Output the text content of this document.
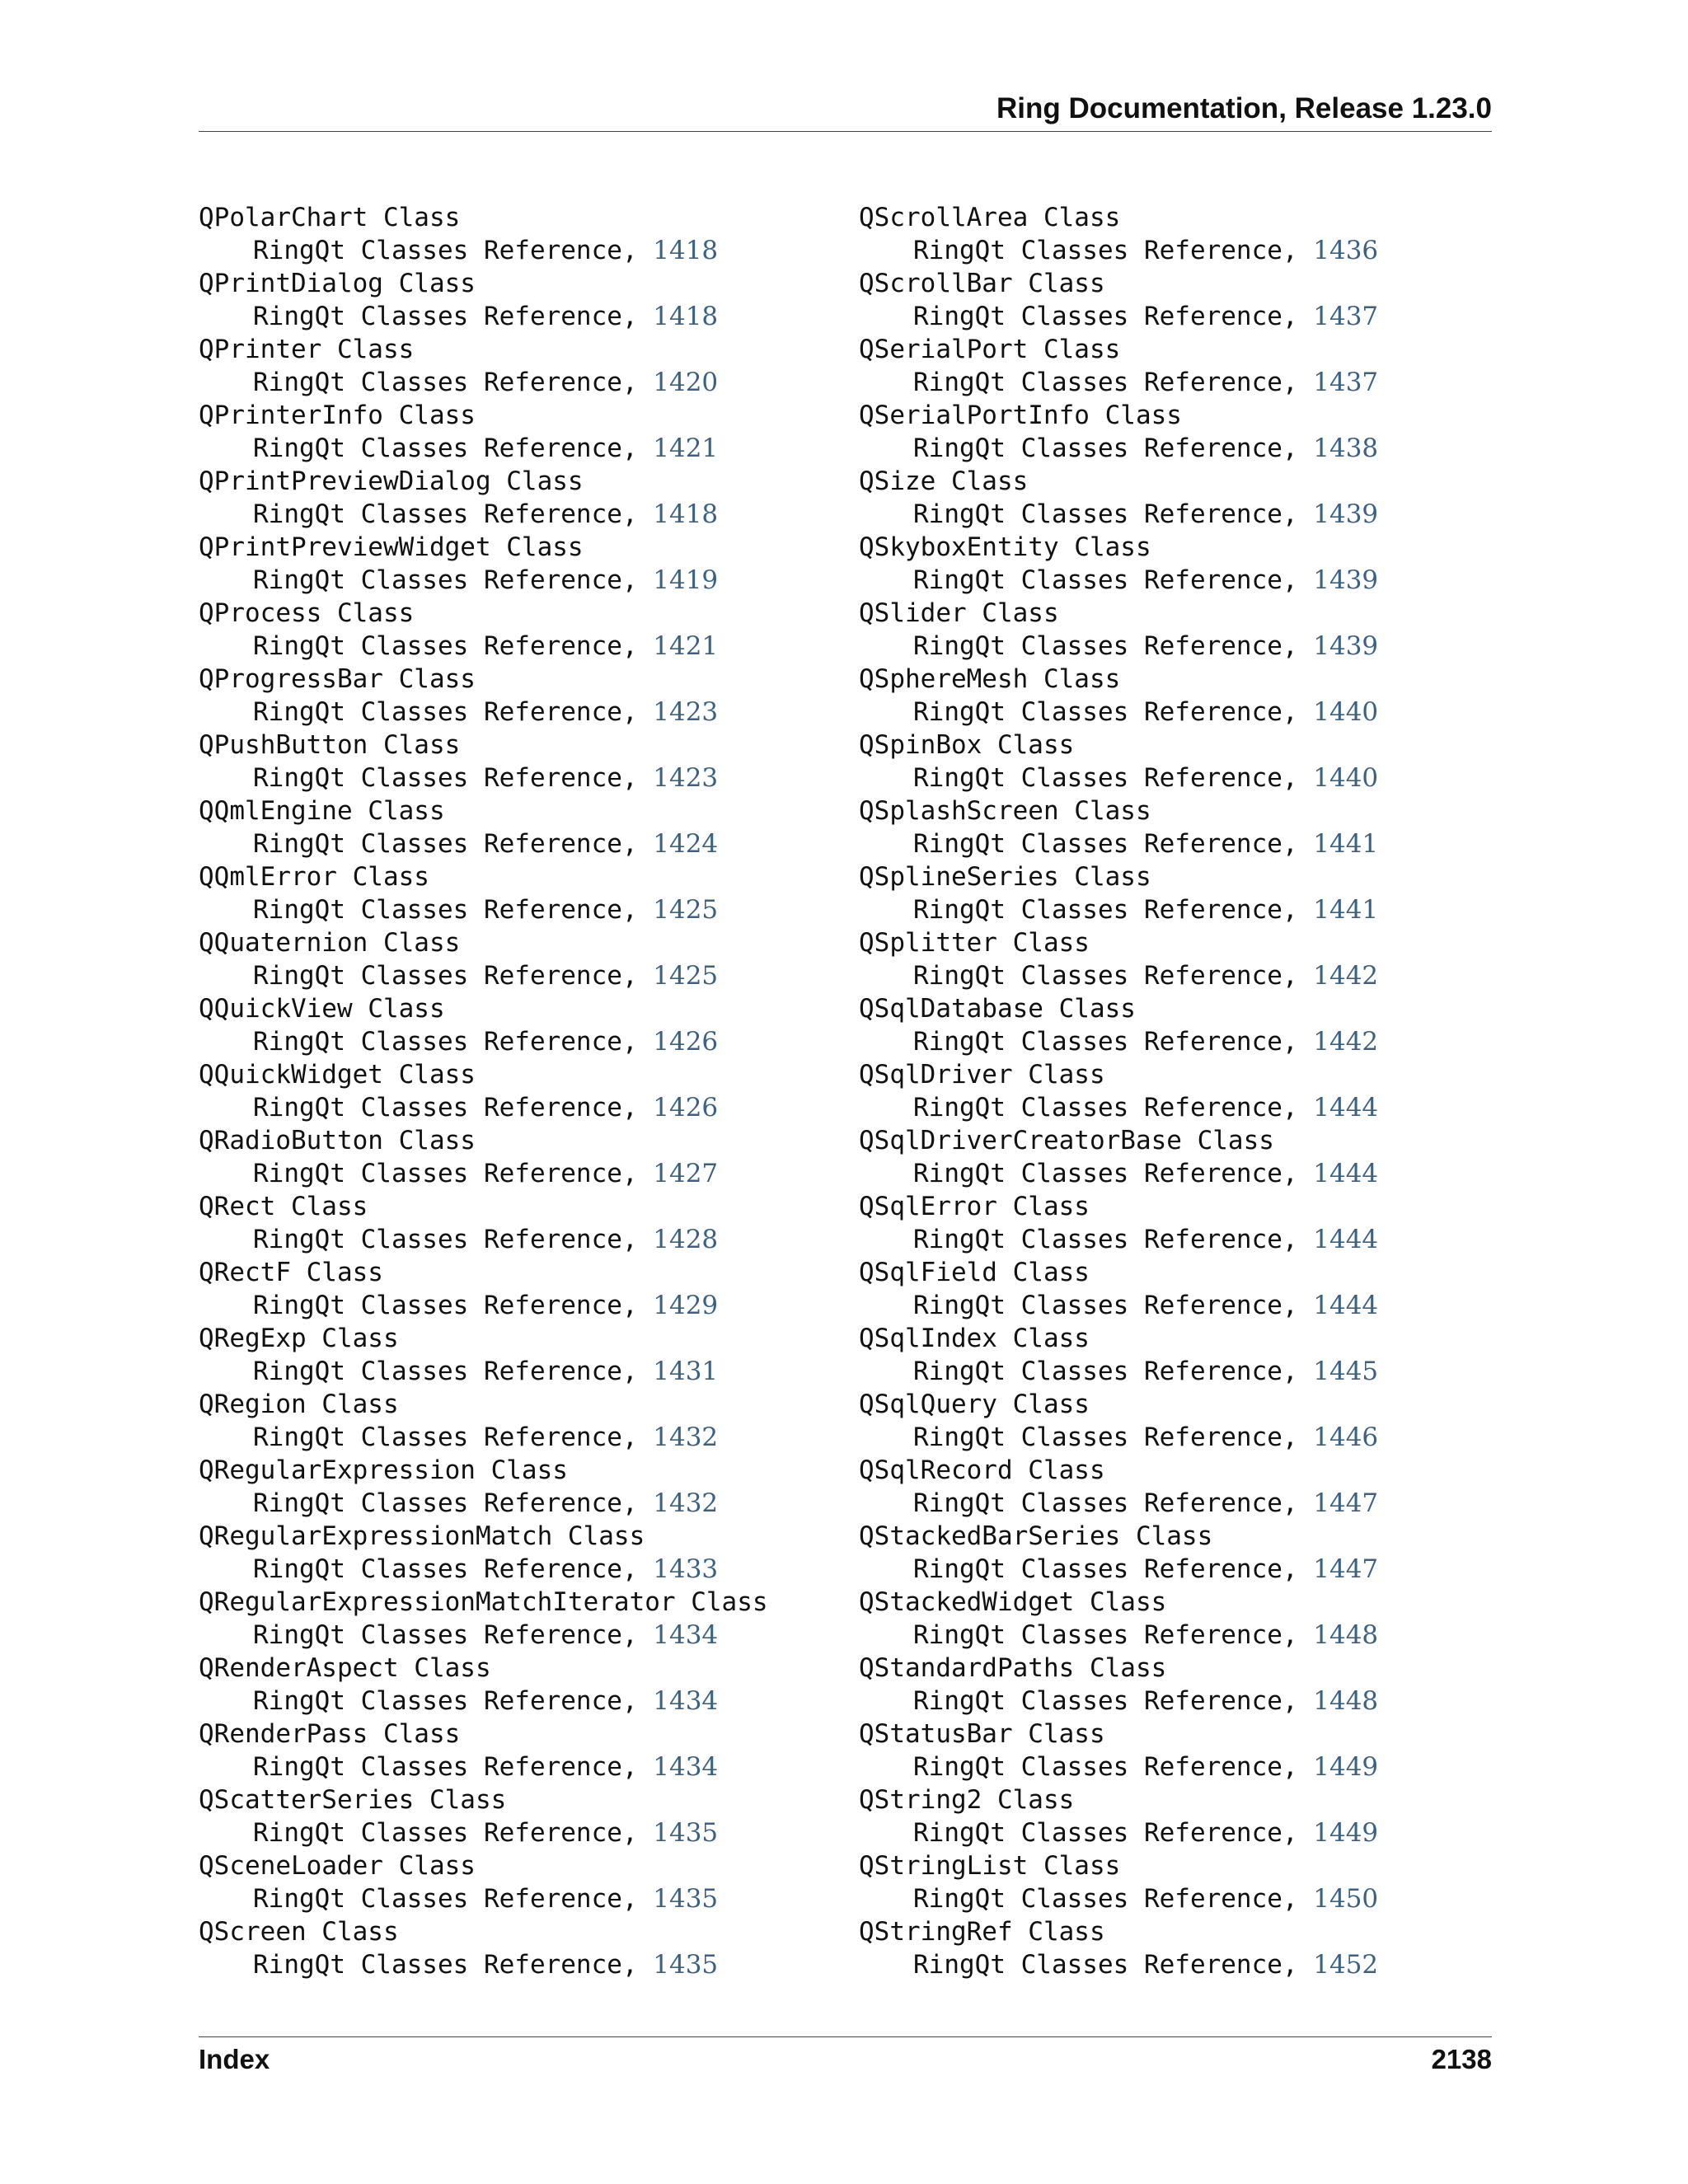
Ring Documentation, Release 1.23.0
QPolarChart Class
RingQt Classes Reference, 1418
QPrintDialog Class
RingQt Classes Reference, 1418
QPrinter Class
RingQt Classes Reference, 1420
QPrinterInfo Class
RingQt Classes Reference, 1421
QPrintPreviewDialog Class
RingQt Classes Reference, 1418
QPrintPreviewWidget Class
RingQt Classes Reference, 1419
QProcess Class
RingQt Classes Reference, 1421
QProgressBar Class
RingQt Classes Reference, 1423
QPushButton Class
RingQt Classes Reference, 1423
QQmlEngine Class
RingQt Classes Reference, 1424
QQmlError Class
RingQt Classes Reference, 1425
QQuaternion Class
RingQt Classes Reference, 1425
QQuickView Class
RingQt Classes Reference, 1426
QQuickWidget Class
RingQt Classes Reference, 1426
QRadioButton Class
RingQt Classes Reference, 1427
QRect Class
RingQt Classes Reference, 1428
QRectF Class
RingQt Classes Reference, 1429
QRegExp Class
RingQt Classes Reference, 1431
QRegion Class
RingQt Classes Reference, 1432
QRegularExpression Class
RingQt Classes Reference, 1432
QRegularExpressionMatch Class
RingQt Classes Reference, 1433
QRegularExpressionMatchIterator Class
RingQt Classes Reference, 1434
QRenderAspect Class
RingQt Classes Reference, 1434
QRenderPass Class
RingQt Classes Reference, 1434
QScatterSeries Class
RingQt Classes Reference, 1435
QSceneLoader Class
RingQt Classes Reference, 1435
QScreen Class
RingQt Classes Reference, 1435
QScrollArea Class
RingQt Classes Reference, 1436
QScrollBar Class
RingQt Classes Reference, 1437
QSerialPort Class
RingQt Classes Reference, 1437
QSerialPortInfo Class
RingQt Classes Reference, 1438
QSize Class
RingQt Classes Reference, 1439
QSkyboxEntity Class
RingQt Classes Reference, 1439
QSlider Class
RingQt Classes Reference, 1439
QSphereMesh Class
RingQt Classes Reference, 1440
QSpinBox Class
RingQt Classes Reference, 1440
QSplashScreen Class
RingQt Classes Reference, 1441
QSplineSeries Class
RingQt Classes Reference, 1441
QSplitter Class
RingQt Classes Reference, 1442
QSqlDatabase Class
RingQt Classes Reference, 1442
QSqlDriver Class
RingQt Classes Reference, 1444
QSqlDriverCreatorBase Class
RingQt Classes Reference, 1444
QSqlError Class
RingQt Classes Reference, 1444
QSqlField Class
RingQt Classes Reference, 1444
QSqlIndex Class
RingQt Classes Reference, 1445
QSqlQuery Class
RingQt Classes Reference, 1446
QSqlRecord Class
RingQt Classes Reference, 1447
QStackedBarSeries Class
RingQt Classes Reference, 1447
QStackedWidget Class
RingQt Classes Reference, 1448
QStandardPaths Class
RingQt Classes Reference, 1448
QStatusBar Class
RingQt Classes Reference, 1449
QString2 Class
RingQt Classes Reference, 1449
QStringList Class
RingQt Classes Reference, 1450
QStringRef Class
RingQt Classes Reference, 1452
Index	2138
